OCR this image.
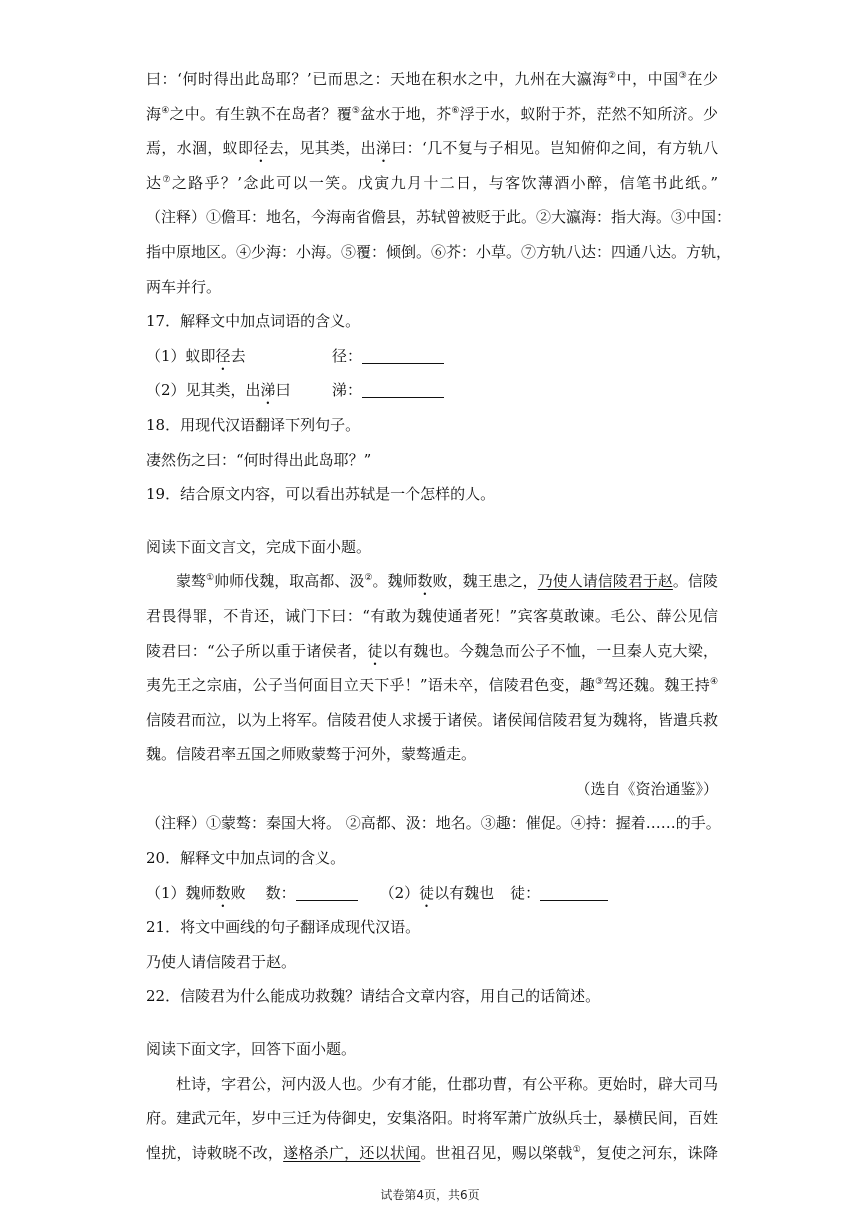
曰：‘何时得出此岛耶？’已而思之：天地在积水之中，九州在大瀛海②中，中国③在少
海④之中。有生孰不在岛者？覆⑤盆水于地，芥⑥浮于水，蚁附于芥，茫然不知所济。少
焉，水涸，蚁即径去，见其类，出涕曰：‘几不复与子相见。岂知俯仰之间，有方轨八
达⑦之路乎？’念此可以一笑。戊寅九月十二日，与客饮薄酒小醉，信笔书此纸。”
（注释）①儋耳：地名，今海南省儋县，苏轼曾被贬于此。②大瀛海：指大海。③中国：
指中原地区。④少海：小海。⑤覆：倾倒。⑥芥：小草。⑦方轨八达：四通八达。方轨，
两车并行。
17．解释文中加点词语的含义。
（1）蚁即径去	径：
（2）见其类，出涕曰	涕：
18．用现代汉语翻译下列句子。
凄然伤之曰：“何时得出此岛耶？”
19．结合原文内容，可以看出苏轼是一个怎样的人。
阅读下面文言文，完成下面小题。
蒙骜①帅师伐魏，取高都、汲②。魏师数败，魏王患之，乃使人请信陵君于赵。信陵
君畏得罪，不肯还，诫门下曰：“有敢为魏使通者死！”宾客莫敢谏。毛公、薛公见信
陵君曰：“公子所以重于诸侯者，徒以有魏也。今魏急而公子不恤，一旦秦人克大梁，
夷先王之宗庙，公子当何面目立天下乎！”语未卒，信陵君色变，趣③驾还魏。魏王持④
信陵君而泣，以为上将军。信陵君使人求援于诸侯。诸侯闻信陵君复为魏将，皆遣兵救
魏。信陵君率五国之师败蒙骜于河外，蒙骜遁走。
（选自《资治通鉴》）
（注释）①蒙骜：秦国大将。 ②高都、汲：地名。③趣：催促。④持：握着……的手。
20．解释文中加点词的含义。
（1）魏师数败 数：	（2）徒以有魏也 徒：
21．将文中画线的句子翻译成现代汉语。
乃使人请信陵君于赵。
22．信陵君为什么能成功救魏？请结合文章内容，用自己的话简述。
阅读下面文字，回答下面小题。
杜诗，字君公，河内汲人也。少有才能，仕郡功曹，有公平称。更始时，辟大司马
府。建武元年，岁中三迁为侍御史，安集洛阳。时将军萧广放纵兵士，暴横民间，百姓
惶扰，诗敕晓不改，遂格杀广，还以状闻。世祖召见，赐以棨戟①，复使之河东，诛降
试卷第4页，共6页
